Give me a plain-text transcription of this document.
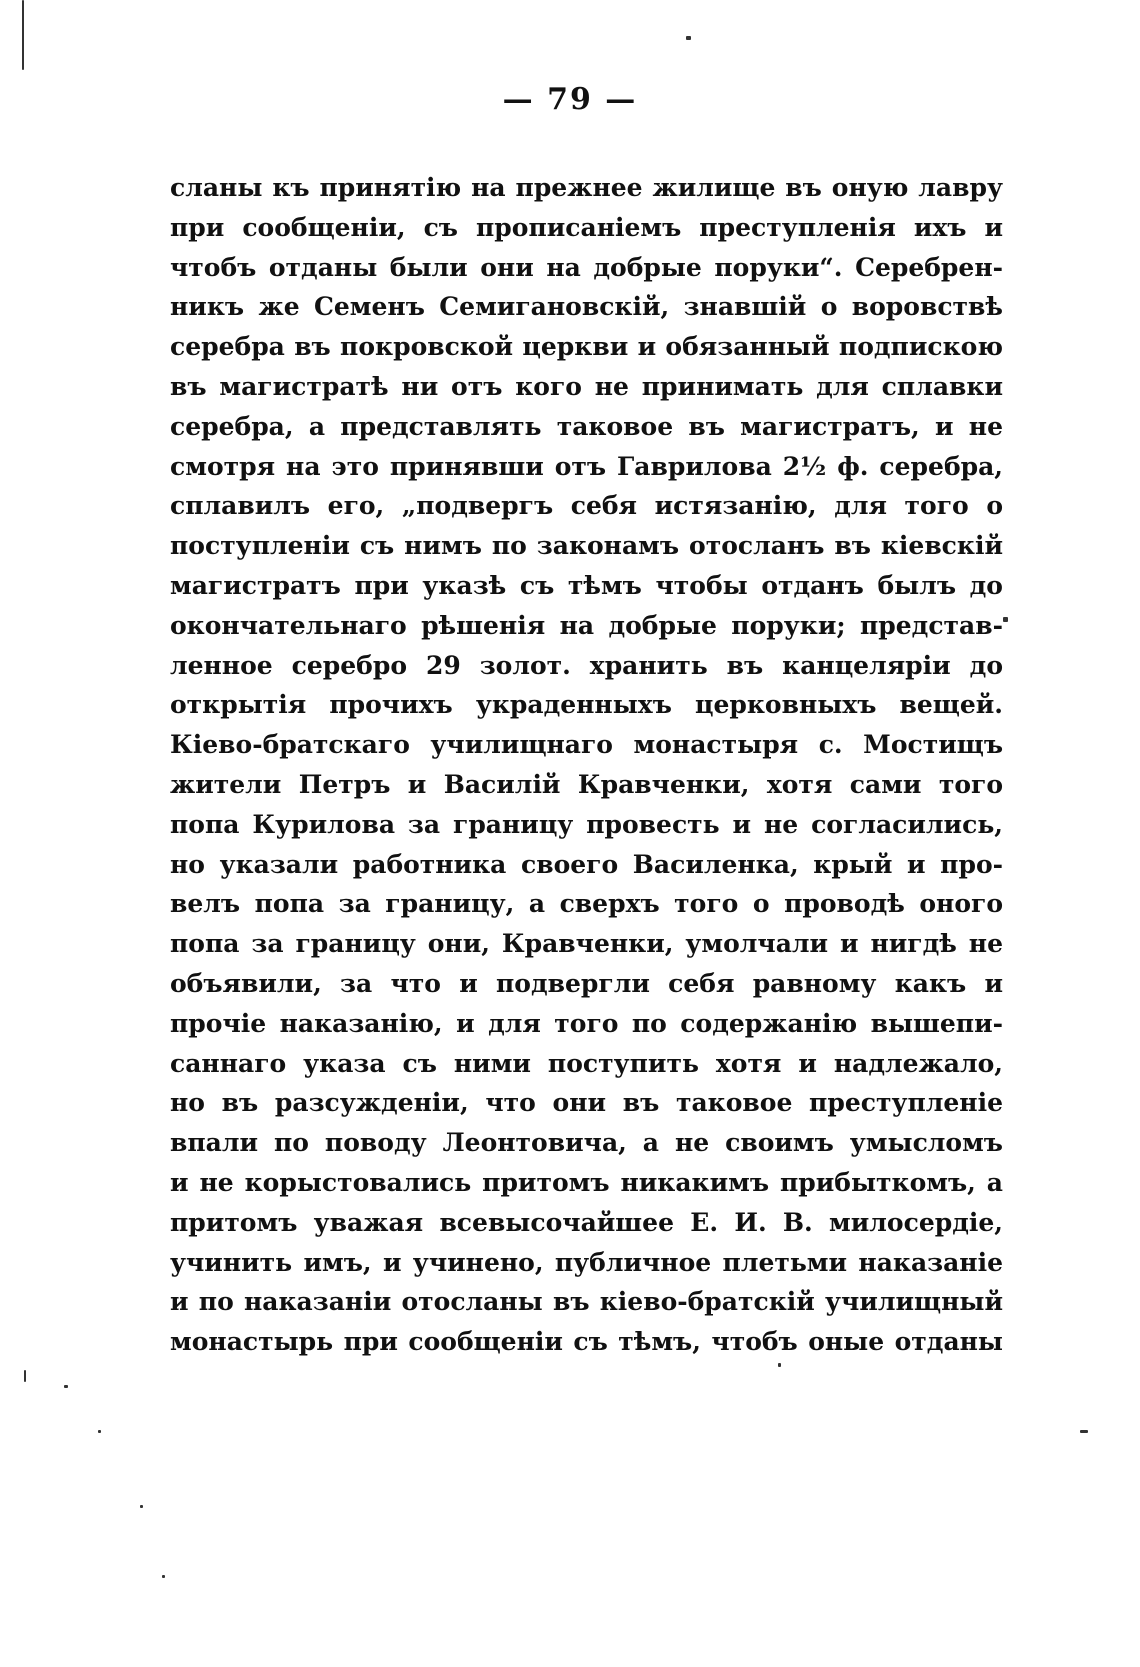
— 79 —
сланы къ принятію на прежнее жилище въ оную лавру
при сообщеніи, съ прописаніемъ преступленія ихъ и
чтобъ отданы были они на добрые поруки“. Серебрен-
никъ же Семенъ Семигановскій, знавшій о воровствѣ
серебра въ покровской церкви и обязанный подпискою
въ магистратѣ ни отъ кого не принимать для сплавки
серебра, а представлять таковое въ магистратъ, и не
смотря на это принявши отъ Гаврилова 2½ ф. серебра,
сплавилъ его, „подвергъ себя истязанію, для того о
поступленіи съ нимъ по законамъ отосланъ въ кіевскій
магистратъ при указѣ съ тѣмъ чтобы отданъ былъ до
окончательнаго рѣшенія на добрые поруки; представ-
ленное серебро 29 золот. хранить въ канцеляріи до
открытія прочихъ украденныхъ церковныхъ вещей.
Кіево-братскаго училищнаго монастыря с. Мостищъ
жители Петръ и Василій Кравченки, хотя сами того
попа Курилова за границу провесть и не согласились,
но указали работника своего Василенка, крый и про-
велъ попа за границу, а сверхъ того о проводѣ оного
попа за границу они, Кравченки, умолчали и нигдѣ не
объявили, за что и подвергли себя равному какъ и
прочіе наказанію, и для того по содержанію вышепи-
саннаго указа съ ними поступить хотя и надлежало,
но въ разсужденіи, что они въ таковое преступленіе
впали по поводу Леонтовича, а не своимъ умысломъ
и не корыстовались притомъ никакимъ прибыткомъ, а
притомъ уважая всевысочайшее Е. И. В. милосердіе,
учинить имъ, и учинено, публичное плетьми наказаніе
и по наказаніи отосланы въ кіево-братскій училищный
монастырь при сообщеніи съ тѣмъ, чтобъ оные отданы
